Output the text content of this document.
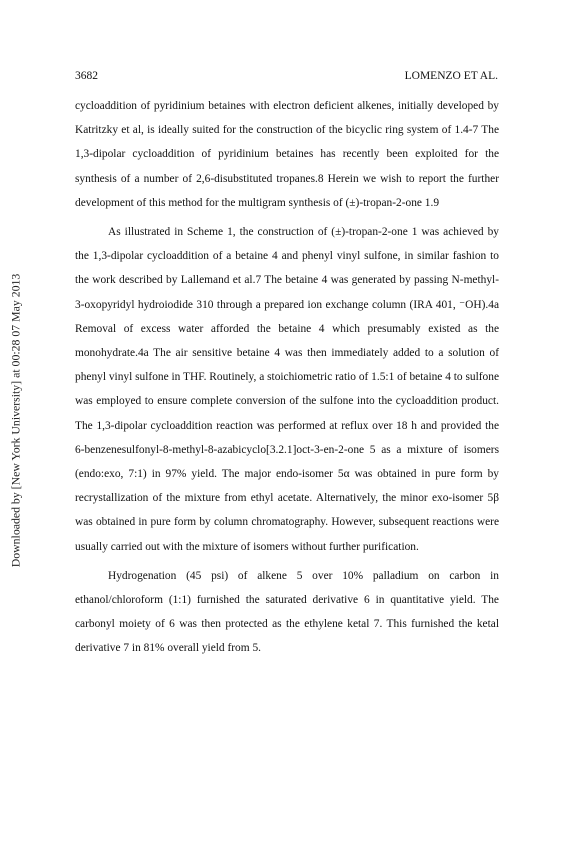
3682	LOMENZO ET AL.
Downloaded by [New York University] at 00:28 07 May 2013

cycloaddition of pyridinium betaines with electron deficient alkenes, initially developed by Katritzky et al, is ideally suited for the construction of the bicyclic ring system of 1.4-7 The 1,3-dipolar cycloaddition of pyridinium betaines has recently been exploited for the synthesis of a number of 2,6-disubstituted tropanes.8 Herein we wish to report the further development of this method for the multigram synthesis of (±)-tropan-2-one 1.9

As illustrated in Scheme 1, the construction of (±)-tropan-2-one 1 was achieved by the 1,3-dipolar cycloaddition of a betaine 4 and phenyl vinyl sulfone, in similar fashion to the work described by Lallemand et al.7 The betaine 4 was generated by passing N-methyl-3-oxopyridyl hydroiodide 310 through a prepared ion exchange column (IRA 401, ⁻OH).4a Removal of excess water afforded the betaine 4 which presumably existed as the monohydrate.4a The air sensitive betaine 4 was then immediately added to a solution of phenyl vinyl sulfone in THF. Routinely, a stoichiometric ratio of 1.5:1 of betaine 4 to sulfone was employed to ensure complete conversion of the sulfone into the cycloaddition product. The 1,3-dipolar cycloaddition reaction was performed at reflux over 18 h and provided the 6-benzenesulfonyl-8-methyl-8-azabicyclo[3.2.1]oct-3-en-2-one 5 as a mixture of isomers (endo:exo, 7:1) in 97% yield. The major endo-isomer 5α was obtained in pure form by recrystallization of the mixture from ethyl acetate. Alternatively, the minor exo-isomer 5β was obtained in pure form by column chromatography. However, subsequent reactions were usually carried out with the mixture of isomers without further purification.

Hydrogenation (45 psi) of alkene 5 over 10% palladium on carbon in ethanol/chloroform (1:1) furnished the saturated derivative 6 in quantitative yield. The carbonyl moiety of 6 was then protected as the ethylene ketal 7. This furnished the ketal derivative 7 in 81% overall yield from 5.
